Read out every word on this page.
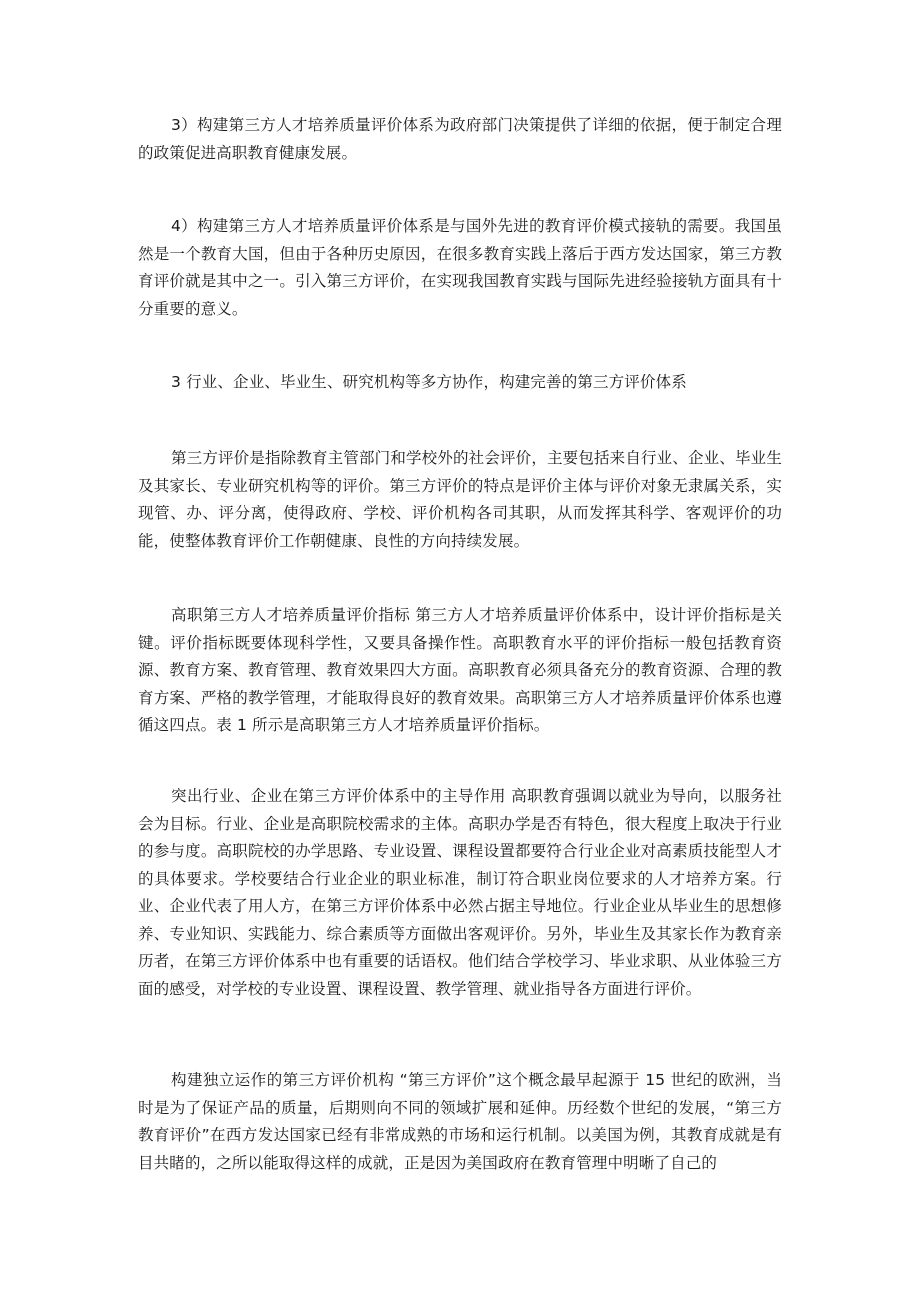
3）构建第三方人才培养质量评价体系为政府部门决策提供了详细的依据，便于制定合理的政策促进高职教育健康发展。

4）构建第三方人才培养质量评价体系是与国外先进的教育评价模式接轨的需要。我国虽然是一个教育大国，但由于各种历史原因，在很多教育实践上落后于西方发达国家，第三方教育评价就是其中之一。引入第三方评价，在实现我国教育实践与国际先进经验接轨方面具有十分重要的意义。

3 行业、企业、毕业生、研究机构等多方协作，构建完善的第三方评价体系

第三方评价是指除教育主管部门和学校外的社会评价，主要包括来自行业、企业、毕业生及其家长、专业研究机构等的评价。第三方评价的特点是评价主体与评价对象无隶属关系，实现管、办、评分离，使得政府、学校、评价机构各司其职，从而发挥其科学、客观评价的功能，使整体教育评价工作朝健康、良性的方向持续发展。

高职第三方人才培养质量评价指标 第三方人才培养质量评价体系中，设计评价指标是关键。评价指标既要体现科学性，又要具备操作性。高职教育水平的评价指标一般包括教育资源、教育方案、教育管理、教育效果四大方面。高职教育必须具备充分的教育资源、合理的教育方案、严格的教学管理，才能取得良好的教育效果。高职第三方人才培养质量评价体系也遵循这四点。表 1 所示是高职第三方人才培养质量评价指标。

突出行业、企业在第三方评价体系中的主导作用 高职教育强调以就业为导向，以服务社会为目标。行业、企业是高职院校需求的主体。高职办学是否有特色，很大程度上取决于行业的参与度。高职院校的办学思路、专业设置、课程设置都要符合行业企业对高素质技能型人才的具体要求。学校要结合行业企业的职业标准，制订符合职业岗位要求的人才培养方案。行业、企业代表了用人方，在第三方评价体系中必然占据主导地位。行业企业从毕业生的思想修养、专业知识、实践能力、综合素质等方面做出客观评价。另外，毕业生及其家长作为教育亲历者，在第三方评价体系中也有重要的话语权。他们结合学校学习、毕业求职、从业体验三方面的感受，对学校的专业设置、课程设置、教学管理、就业指导各方面进行评价。

构建独立运作的第三方评价机构 “第三方评价”这个概念最早起源于 15 世纪的欧洲，当时是为了保证产品的质量，后期则向不同的领域扩展和延伸。历经数个世纪的发展，“第三方教育评价”在西方发达国家已经有非常成熟的市场和运行机制。以美国为例，其教育成就是有目共睹的，之所以能取得这样的成就，正是因为美国政府在教育管理中明晰了自己的
